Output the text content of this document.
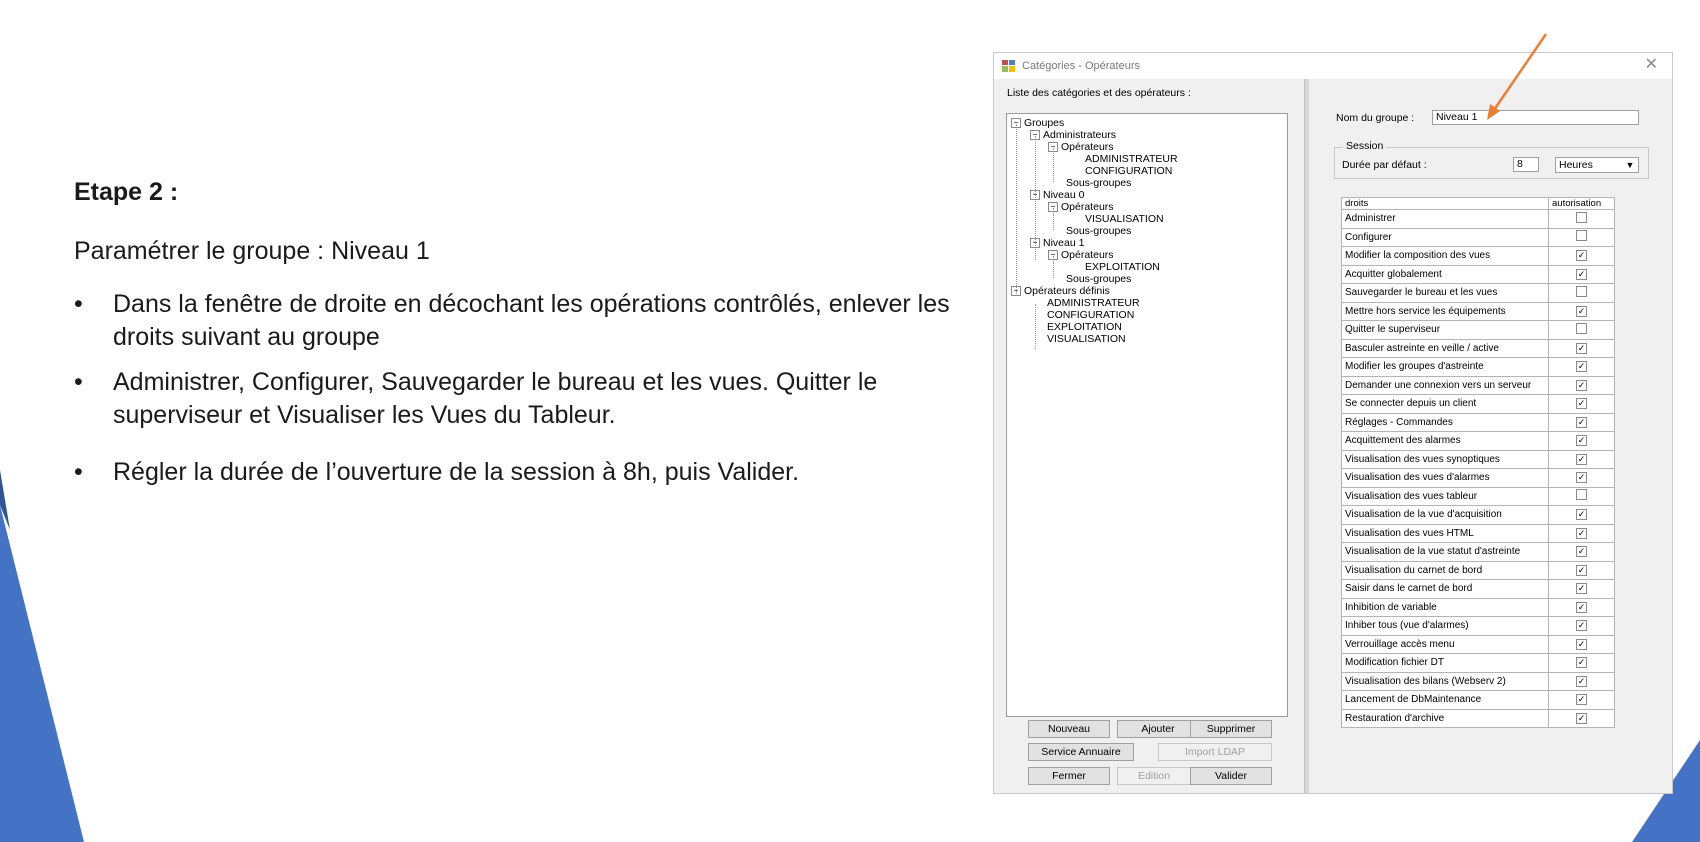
Etape 2 :
Paramétrer le groupe : Niveau 1
• Dans la fenêtre de droite en décochant les opérations contrôlés, enlever les droits suivant au groupe
• Administrer, Configurer, Sauvegarder le bureau et les vues. Quitter le superviseur et Visualiser les Vues du Tableur.
• Régler la durée de l’ouverture de la session à 8h, puis Valider.
Catégories - Opérateurs	✕
Liste des catégories et des opérateurs :
− Groupes
− Administrateurs
− Opérateurs
ADMINISTRATEUR
CONFIGURATION
Sous-groupes
− Niveau 0
− Opérateurs
VISUALISATION
Sous-groupes
− Niveau 1
− Opérateurs
EXPLOITATION
Sous-groupes
− Opérateurs définis
ADMINISTRATEUR
CONFIGURATION
EXPLOITATION
VISUALISATION
Nouveau	Ajouter	Supprimer
Service Annuaire	Import LDAP
Fermer	Edition	Valider
Nom du groupe :	Niveau 1
Session
Durée par défaut :	8	Heures	▼
droits	autorisation
Administrer	
Configurer	
Modifier la composition des vues	✓
Acquitter globalement	✓
Sauvegarder le bureau et les vues	
Mettre hors service les équipements	✓
Quitter le superviseur	
Basculer astreinte en veille / active	✓
Modifier les groupes d'astreinte	✓
Demander une connexion vers un serveur	✓
Se connecter depuis un client	✓
Réglages - Commandes	✓
Acquittement des alarmes	✓
Visualisation des vues synoptiques	✓
Visualisation des vues d'alarmes	✓
Visualisation des vues tableur	
Visualisation de la vue d'acquisition	✓
Visualisation des vues HTML	✓
Visualisation de la vue statut d'astreinte	✓
Visualisation du carnet de bord	✓
Saisir dans le carnet de bord	✓
Inhibition de variable	✓
Inhiber tous (vue d'alarmes)	✓
Verrouillage accès menu	✓
Modification fichier DT	✓
Visualisation des bilans (Webserv 2)	✓
Lancement de DbMaintenance	✓
Restauration d'archive	✓
